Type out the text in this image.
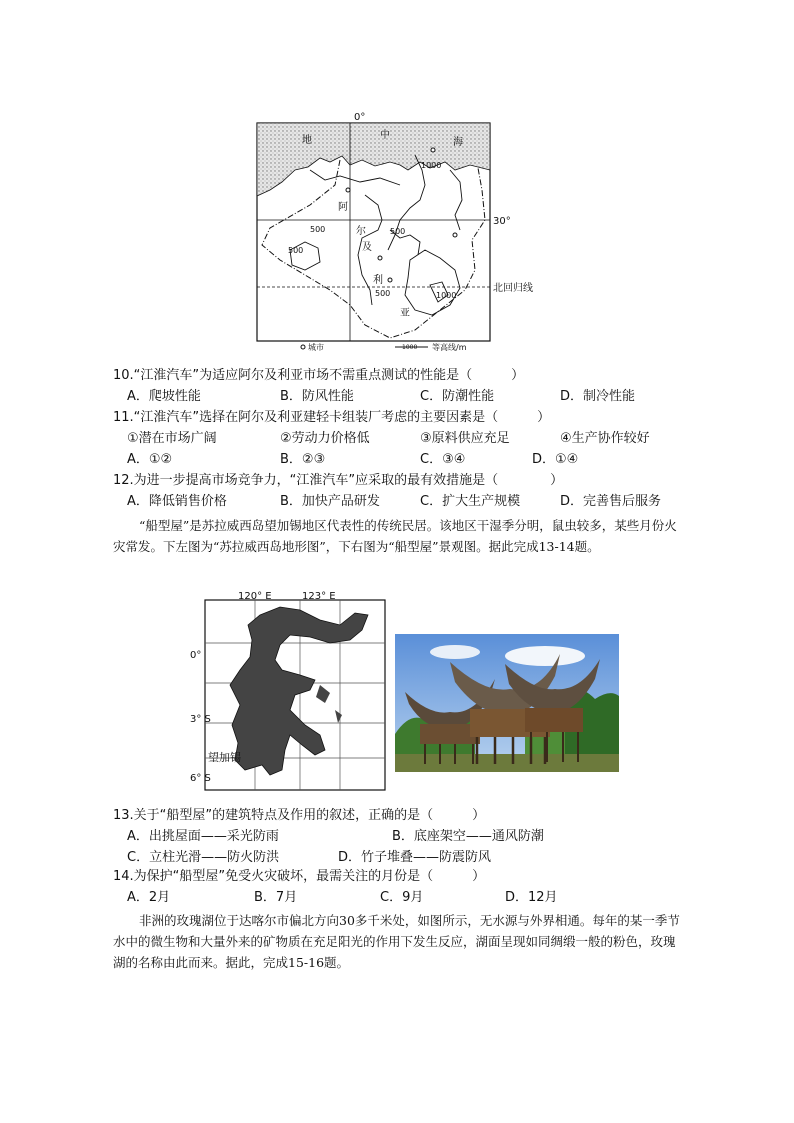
0°
30°
北回归线
地	中
海
阿
尔
及
利
亚
1000
500
500
500
500	1000
城市	1000 等高线/m
10.“江淮汽车”为适应阿尔及利亚市场不需重点测试的性能是（　　　）
A．爬坡性能	B．防风性能	C．防潮性能	D．制冷性能
11.“江淮汽车”选择在阿尔及利亚建轻卡组装厂考虑的主要因素是（　　　）
①潜在市场广阔	②劳动力价格低	③原料供应充足	④生产协作较好
A．①②	B．②③	C．③④	D．①④
12.为进一步提高市场竞争力，“江淮汽车”应采取的最有效措施是（　　　　）
A．降低销售价格	B．加快产品研发	C．扩大生产规模	D．完善售后服务
“船型屋”是苏拉威西岛望加锡地区代表性的传统民居。该地区干湿季分明，鼠虫较多，某些月份火灾常发。下左图为“苏拉威西岛地形图”，下右图为“船型屋”景观图。据此完成13-14题。
120° E	123° E
0°
3° S
6° S
望加锡
13.关于“船型屋”的建筑特点及作用的叙述，正确的是（　　　）
A．出挑屋面——采光防雨	B．底座架空——通风防潮
C．立柱光滑——防火防洪	D．竹子堆叠——防震防风
14.为保护“船型屋”免受火灾破坏，最需关注的月份是（　　　）
A．2月	B．7月	C．9月	D．12月
非洲的玫瑰湖位于达喀尔市偏北方向30多千米处，如图所示，无水源与外界相通。每年的某一季节水中的微生物和大量外来的矿物质在充足阳光的作用下发生反应，湖面呈现如同绸缎一般的粉色，玫瑰湖的名称由此而来。据此，完成15-16题。
